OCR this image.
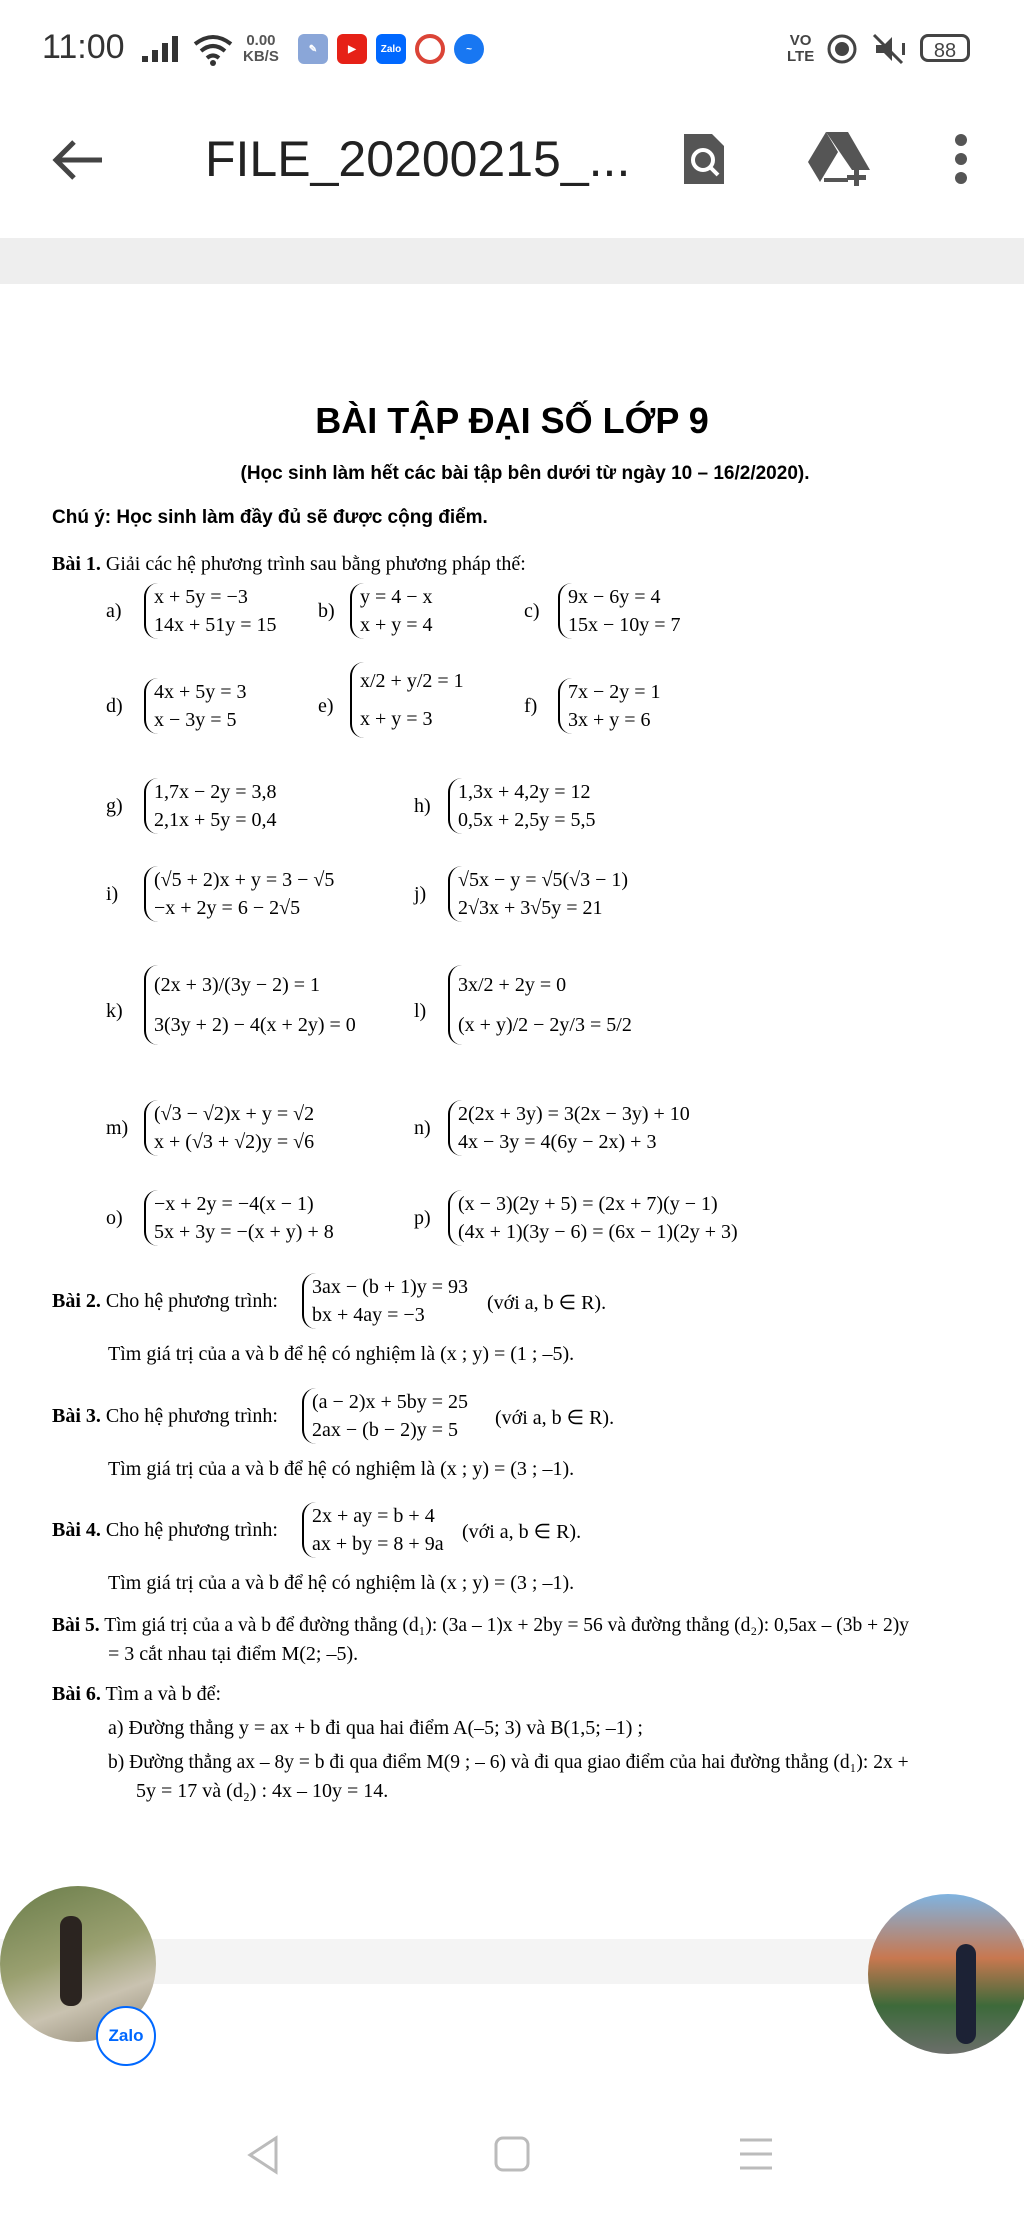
11:00	0.00
KB/S	✎	▶	Zalo	~	VO
LTE	88
FILE_20200215_...
BÀI TẬP ĐẠI SỐ LỚP 9
(Học sinh làm hết các bài tập bên dưới từ ngày 10 – 16/2/2020).
Chú ý: Học sinh làm đầy đủ sẽ được cộng điểm.
Bài 1. Giải các hệ phương trình sau bằng phương pháp thế:
a)
x + 5y = −3
14x + 51y = 15
b)
y = 4 − x
x + y = 4
c)
9x − 6y = 4
15x − 10y = 7
d)
4x + 5y = 3
x − 3y = 5
e)
x/2 + y/2 = 1
x + y = 3
f)
7x − 2y = 1
3x + y = 6
g)
1,7x − 2y = 3,8
2,1x + 5y = 0,4
h)
1,3x + 4,2y = 12
0,5x + 2,5y = 5,5
i)
(√5 + 2)x + y = 3 − √5
−x + 2y = 6 − 2√5
j)
√5x − y = √5(√3 − 1)
2√3x + 3√5y = 21
k)
(2x + 3)/(3y − 2) = 1
3(3y + 2) − 4(x + 2y) = 0
l)
3x/2 + 2y = 0
(x + y)/2 − 2y/3 = 5/2
m)
(√3 − √2)x + y = √2
x + (√3 + √2)y = √6
n)
2(2x + 3y) = 3(2x − 3y) + 10
4x − 3y = 4(6y − 2x) + 3
o)
−x + 2y = −4(x − 1)
5x + 3y = −(x + y) + 8
p)
(x − 3)(2y + 5) = (2x + 7)(y − 1)
(4x + 1)(3y − 6) = (6x − 1)(2y + 3)
Bài 2. Cho hệ phương trình:
3ax − (b + 1)y = 93
bx + 4ay = −3
(với a, b ∈ R).
Tìm giá trị của a và b để hệ có nghiệm là (x ; y) = (1 ; –5).
Bài 3. Cho hệ phương trình:
(a − 2)x + 5by = 25
2ax − (b − 2)y = 5
(với a, b ∈ R).
Tìm giá trị của a và b để hệ có nghiệm là (x ; y) = (3 ; –1).
Bài 4. Cho hệ phương trình:
2x + ay = b + 4
ax + by = 8 + 9a
(với a, b ∈ R).
Tìm giá trị của a và b để hệ có nghiệm là (x ; y) = (3 ; –1).
Bài 5. Tìm giá trị của a và b để đường thẳng (d₁): (3a – 1)x + 2by = 56 và đường thẳng (d₂): 0,5ax – (3b + 2)y
= 3 cắt nhau tại điểm M(2; –5).
Bài 6. Tìm a và b để:
a) Đường thẳng y = ax + b đi qua hai điểm A(–5; 3) và B(1,5; –1) ;
b) Đường thẳng ax – 8y = b đi qua điểm M(9 ; – 6) và đi qua giao điểm của hai đường thẳng (d₁): 2x +
5y = 17 và (d₂) : 4x – 10y = 14.
Zalo
